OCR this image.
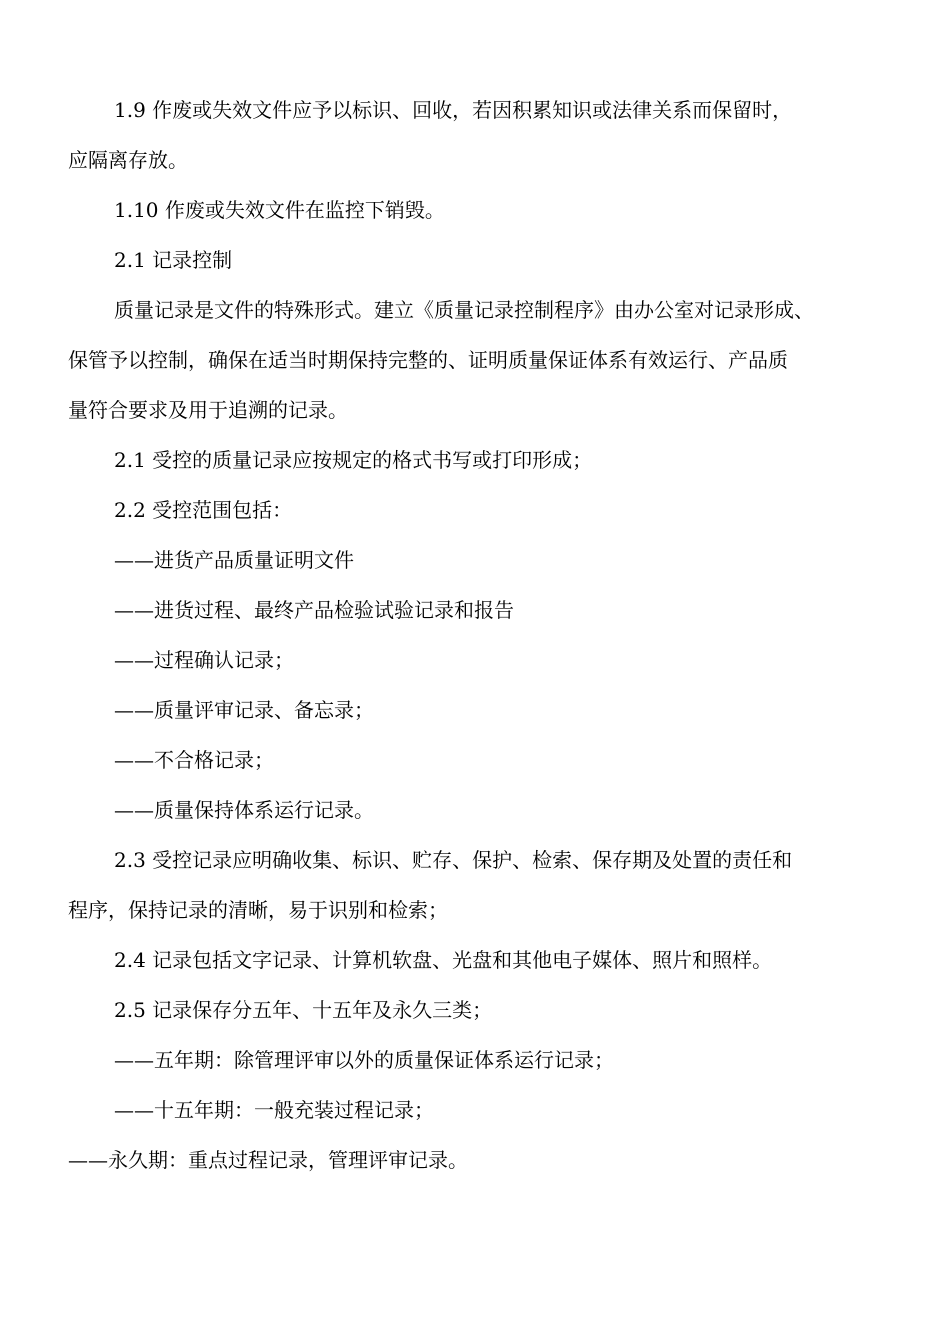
1.9 作废或失效文件应予以标识、回收，若因积累知识或法律关系而保留时，
应隔离存放。
1.10 作废或失效文件在监控下销毁。
2.1 记录控制
质量记录是文件的特殊形式。建立《质量记录控制程序》由办公室对记录形成、
保管予以控制，确保在适当时期保持完整的、证明质量保证体系有效运行、产品质
量符合要求及用于追溯的记录。
2.1 受控的质量记录应按规定的格式书写或打印形成；
2.2 受控范围包括：
——进货产品质量证明文件
——进货过程、最终产品检验试验记录和报告
——过程确认记录；
——质量评审记录、备忘录；
——不合格记录；
——质量保持体系运行记录。
2.3 受控记录应明确收集、标识、贮存、保护、检索、保存期及处置的责任和
程序，保持记录的清晰，易于识别和检索；
2.4 记录包括文字记录、计算机软盘、光盘和其他电子媒体、照片和照样。
2.5 记录保存分五年、十五年及永久三类；
——五年期：除管理评审以外的质量保证体系运行记录；
——十五年期：一般充装过程记录；
——永久期：重点过程记录，管理评审记录。
